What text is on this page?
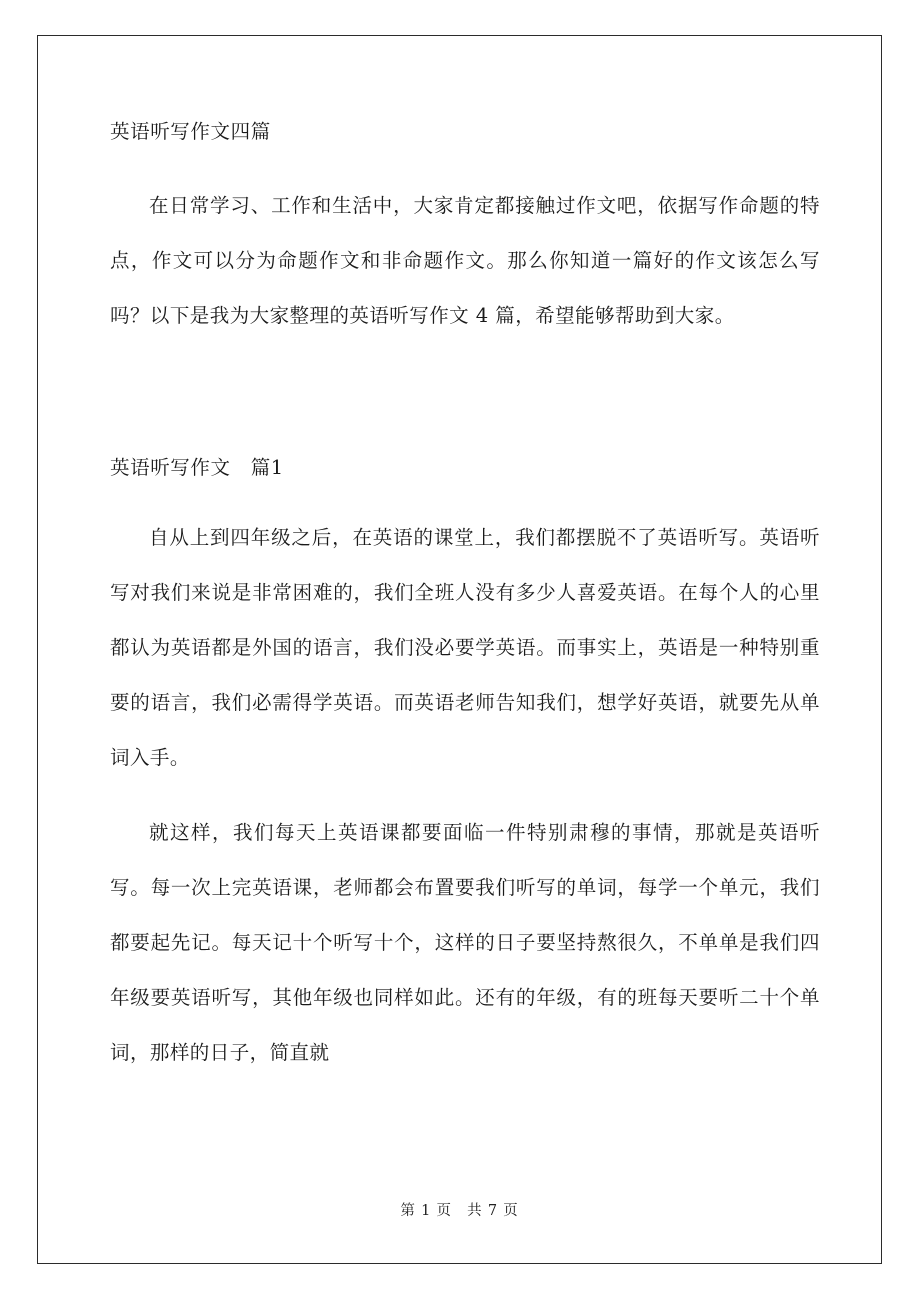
英语听写作文四篇

在日常学习、工作和生活中，大家肯定都接触过作文吧，依据写作命题的特点，作文可以分为命题作文和非命题作文。那么你知道一篇好的作文该怎么写吗？以下是我为大家整理的英语听写作文 4 篇，希望能够帮助到大家。

英语听写作文　篇1

自从上到四年级之后，在英语的课堂上，我们都摆脱不了英语听写。英语听写对我们来说是非常困难的，我们全班人没有多少人喜爱英语。在每个人的心里都认为英语都是外国的语言，我们没必要学英语。而事实上，英语是一种特别重要的语言，我们必需得学英语。而英语老师告知我们，想学好英语，就要先从单词入手。

就这样，我们每天上英语课都要面临一件特别肃穆的事情，那就是英语听写。每一次上完英语课，老师都会布置要我们听写的单词，每学一个单元，我们都要起先记。每天记十个听写十个，这样的日子要坚持熬很久，不单单是我们四年级要英语听写，其他年级也同样如此。还有的年级，有的班每天要听二十个单词，那样的日子，简直就

第 1 页　共 7 页
